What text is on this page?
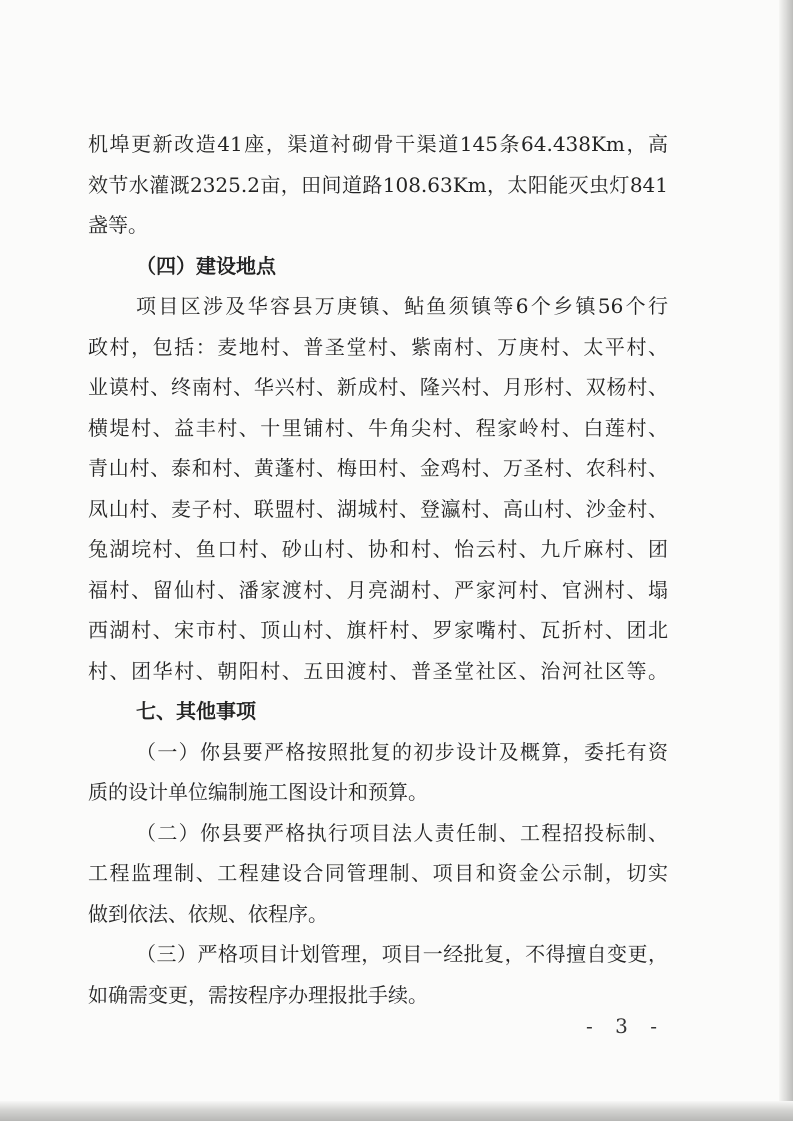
机埠更新改造41座，渠道衬砌骨干渠道145条64.438Km，高
效节水灌溉2325.2亩，田间道路108.63Km，太阳能灭虫灯841
盏等。
（四）建设地点
项目区涉及华容县万庚镇、鲇鱼须镇等6个乡镇56个行
政村，包括：麦地村、普圣堂村、紫南村、万庚村、太平村、
业谟村、终南村、华兴村、新成村、隆兴村、月形村、双杨村、
横堤村、益丰村、十里铺村、牛角尖村、程家岭村、白莲村、
青山村、泰和村、黄蓬村、梅田村、金鸡村、万圣村、农科村、
凤山村、麦子村、联盟村、湖城村、登瀛村、高山村、沙金村、
兔湖垸村、鱼口村、砂山村、协和村、怡云村、九斤麻村、团
福村、留仙村、潘家渡村、月亮湖村、严家河村、官洲村、塌
西湖村、宋市村、顶山村、旗杆村、罗家嘴村、瓦折村、团北
村、团华村、朝阳村、五田渡村、普圣堂社区、治河社区等。
七、其他事项
（一）你县要严格按照批复的初步设计及概算，委托有资
质的设计单位编制施工图设计和预算。
（二）你县要严格执行项目法人责任制、工程招投标制、
工程监理制、工程建设合同管理制、项目和资金公示制，切实
做到依法、依规、依程序。
（三）严格项目计划管理，项目一经批复，不得擅自变更，
如确需变更，需按程序办理报批手续。
- 3 -
